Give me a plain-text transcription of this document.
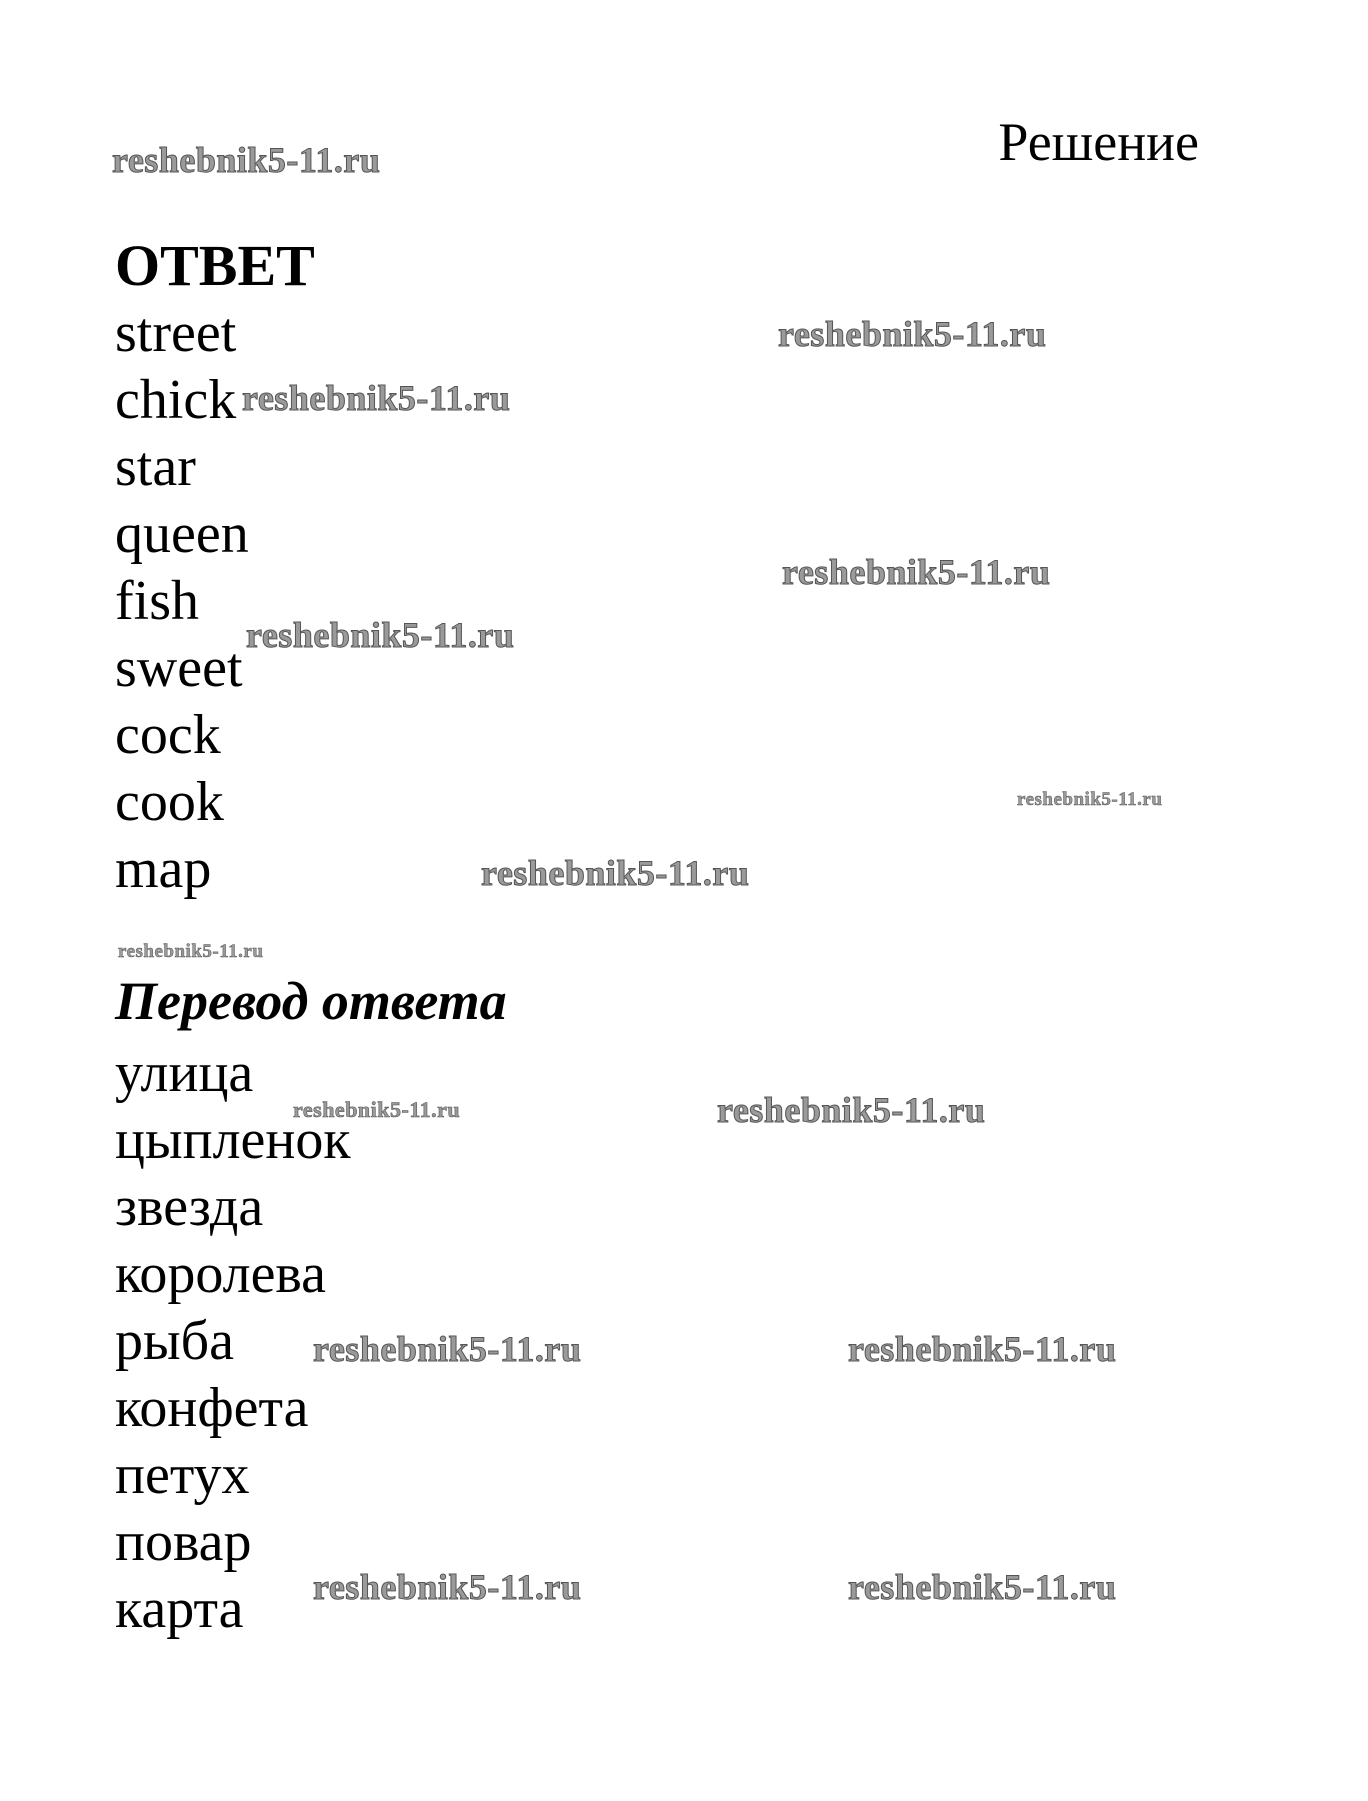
Решение
ОТВЕТ
street
chick
star
queen
fish
sweet
cock
cook
map
Перевод ответа
улица
цыпленок
звезда
королева
рыба
конфета
петух
повар
карта
reshebnik5-11.ru
reshebnik5-11.ru
reshebnik5-11.ru
reshebnik5-11.ru
reshebnik5-11.ru
reshebnik5-11.ru
reshebnik5-11.ru
reshebnik5-11.ru
reshebnik5-11.ru	reshebnik5-11.ru
reshebnik5-11.ru	reshebnik5-11.ru
reshebnik5-11.ru	reshebnik5-11.ru
